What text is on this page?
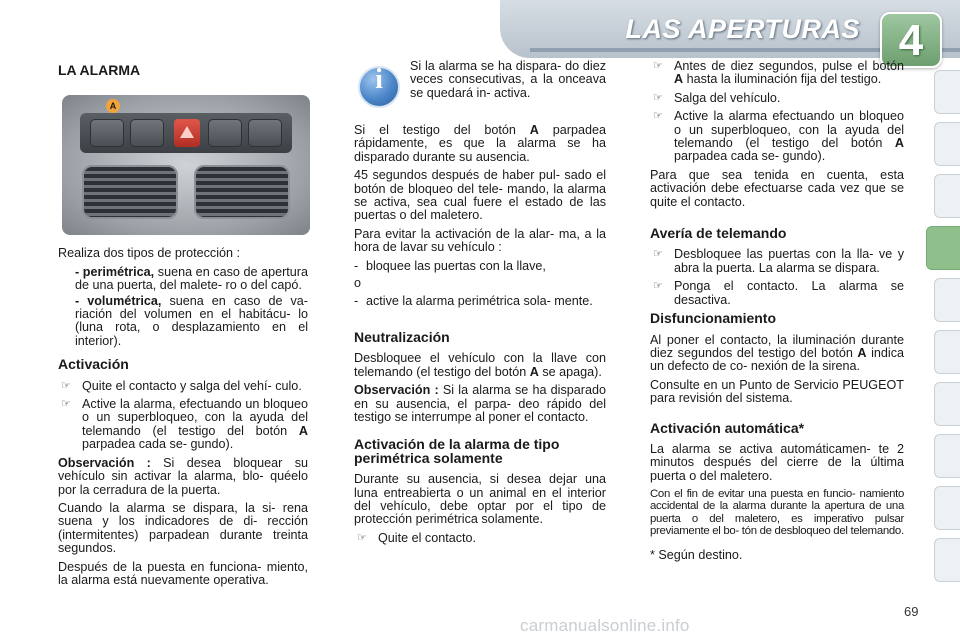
LAS APERTURAS 4
LA ALARMA
A

Realiza dos tipos de protección :

- perimétrica, suena en caso de apertura de una puerta, del malete- ro o del capó.
- volumétrica, suena en caso de va- riación del volumen en el habitácu- lo (luna rota, o desplazamiento en el interior).
Activación
☞ Quite el contacto y salga del vehí- culo.
☞ Active la alarma, efectuando un bloqueo o un superbloqueo, con la ayuda del telemando (el testigo del botón A parpadea cada se- gundo).

Observación : Si desea bloquear su vehículo sin activar la alarma, blo- quéelo por la cerradura de la puerta.

Cuando la alarma se dispara, la si- rena suena y los indicadores de di- rección (intermitentes) parpadean durante treinta segundos.

Después de la puesta en funciona- miento, la alarma está nuevamente operativa.

i	Si la alarma se ha dispara- do diez veces consecutivas, a la onceava se quedará in- activa.

Si el testigo del botón A parpadea rápidamente, es que la alarma se ha disparado durante su ausencia.

45 segundos después de haber pul- sado el botón de bloqueo del tele- mando, la alarma se activa, sea cual fuere el estado de las puertas o del maletero.

Para evitar la activación de la alar- ma, a la hora de lavar su vehículo :

- bloquee las puertas con la llave,

o

- active la alarma perimétrica sola- mente.
Neutralización

Desbloquee el vehículo con la llave con telemando (el testigo del botón A se apaga).

Observación : Si la alarma se ha disparado en su ausencia, el parpa- deo rápido del testigo se interrumpe al poner el contacto.

Activación de la alarma de tipo perimétrica solamente

Durante su ausencia, si desea dejar una luna entreabierta o un animal en el interior del vehículo, debe optar por el tipo de protección perimétrica solamente.

☞ Quite el contacto.
☞ Antes de diez segundos, pulse el botón A hasta la iluminación fija del testigo.
☞ Salga del vehículo.
☞ Active la alarma efectuando un bloqueo o un superbloqueo, con la ayuda del telemando (el testigo del botón A parpadea cada se- gundo).

Para que sea tenida en cuenta, esta activación debe efectuarse cada vez que se quite el contacto.

Avería de telemando
☞ Desbloquee las puertas con la lla- ve y abra la puerta. La alarma se dispara.
☞ Ponga el contacto. La alarma se desactiva.
Disfuncionamiento

Al poner el contacto, la iluminación durante diez segundos del testigo del botón A indica un defecto de co- nexión de la sirena.

Consulte en un Punto de Servicio PEUGEOT para revisión del sistema.

Activación automática*

La alarma se activa automáticamen- te 2 minutos después del cierre de la última puerta o del maletero.

Con el fin de evitar una puesta en funcio- namiento accidental de la alarma durante la apertura de una puerta o del maletero, es imperativo pulsar previamente el bo- tón de desbloqueo del telemando.

* Según destino.

carmanualsonline.info
69
